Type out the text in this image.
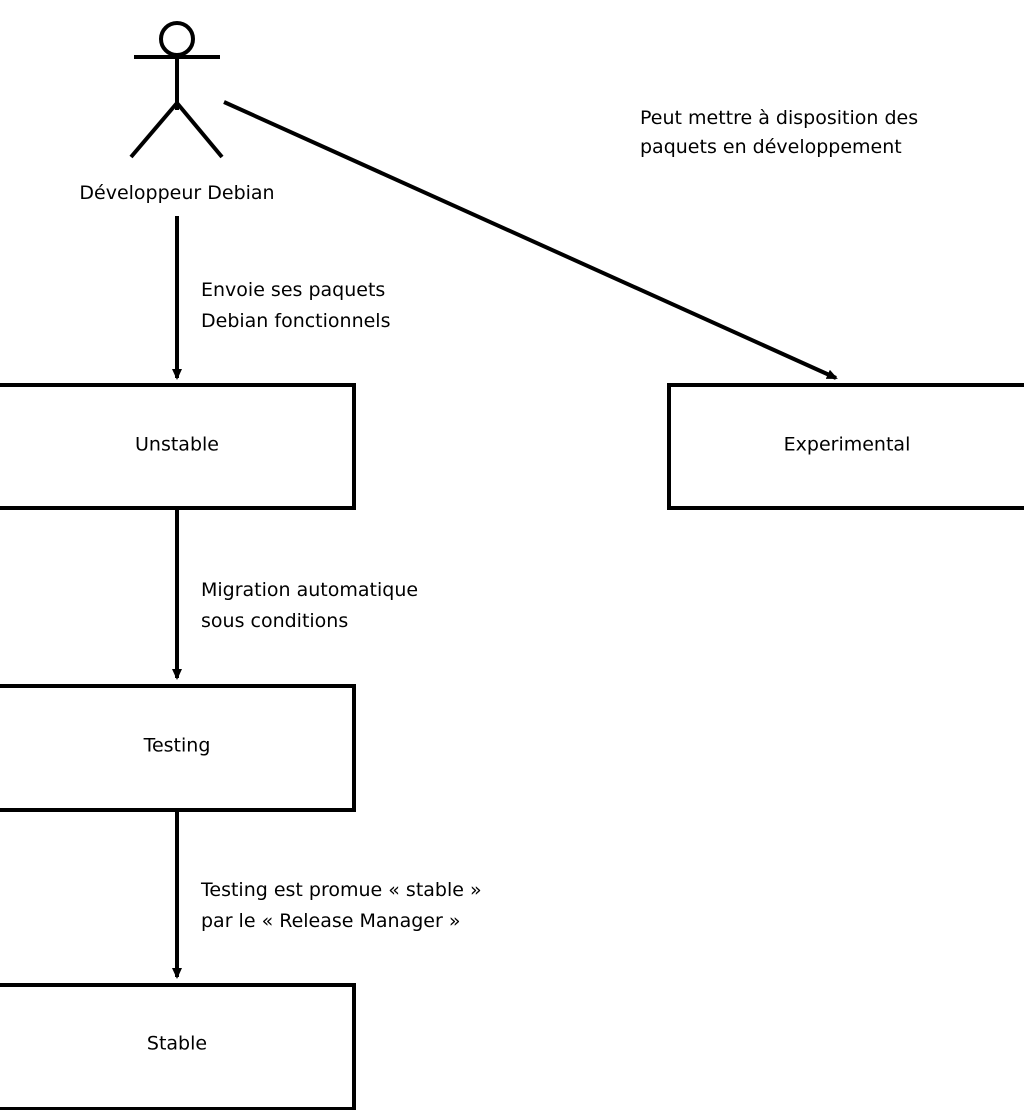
Développeur Debian
Peut mettre à disposition des
paquets en développement
Envoie ses paquets
Debian fonctionnels
Unstable	Experimental
Migration automatique
sous conditions
Testing
Testing est promue « stable »
par le « Release Manager »
Stable
